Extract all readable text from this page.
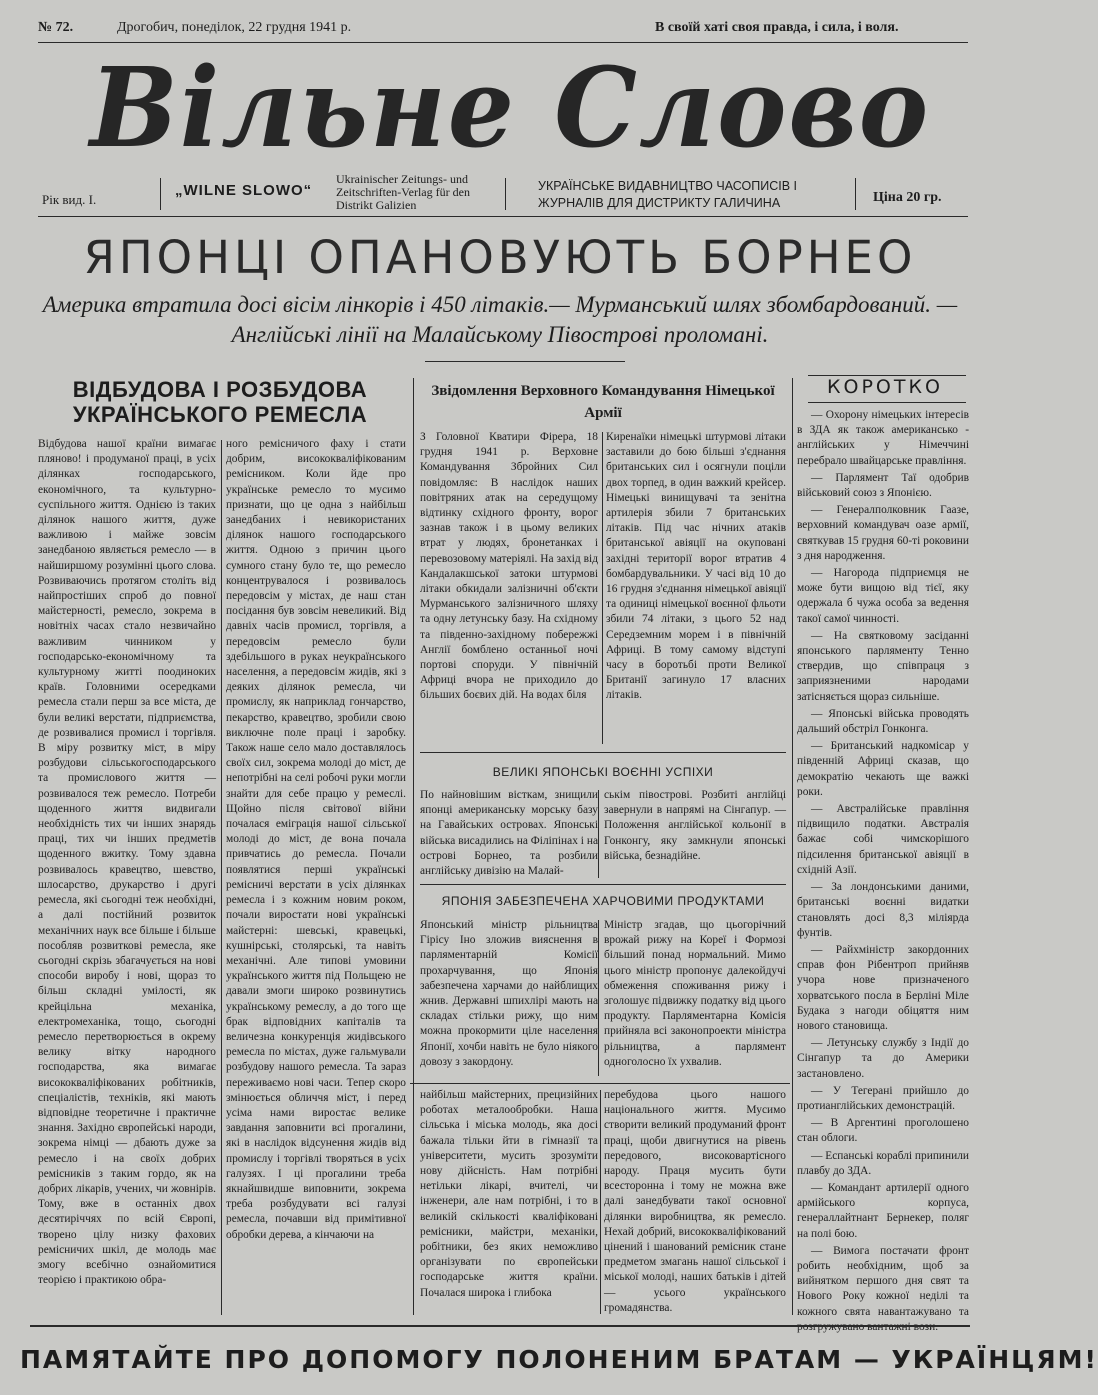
№ 72.	Дрогобич, понеділок, 22 грудня 1941 р.	В своїй хаті своя правда, і сила, і воля.
Вільне Слово
Рік вид. І.
„WILNE SLOWO“
Ukrainischer Zeitungs- und Zeitschriften-Verlag für den Distrikt Galizien
УКРАЇНСЬКЕ ВИДАВНИЦТВО ЧАСОПИСІВ І ЖУРНАЛІВ ДЛЯ ДИСТРИКТУ ГАЛИЧИНА	Ціна 20 гр.
ЯПОНЦІ ОПАНОВУЮТЬ БОРНЕО
Америка втратила досі вісім лінкорів і 450 літаків.— Мурманський шлях збомбардований. — Англійські лінії на Малайському Півострові проломані.
ВІДБУДОВА І РОЗБУДОВА УКРАЇНСЬКОГО РЕМЕСЛА
Відбудова нашої країни вимагає пляново! і продуманої праці, в усіх ділянках господарського, економічного, та культурно-суспільного життя. Однією із таких ділянок нашого життя, дуже важливою і майже зовсім занедбаною являється ремесло — в найширшому розумінні цього слова. Розвиваючись протягом століть від найпростіших спроб до повної майстерності, ремесло, зокрема в новітніх часах стало незвичайно важливим чинником у господарсько-економічному та культурному житті поодиноких країв. Головними осередками ремесла стали перш за все міста, де були великі верстати, підприємства, де розвивалися промисл і торгівля. В міру розвитку міст, в міру розбудови сільськогосподарського та промислового життя — розвивалося теж ремесло. Потреби щоденного життя видвигали необхідність тих чи інших знарядь праці, тих чи інших предметів щоденного вжитку. Тому здавна розвивалось кравецтво, шевство, шлосарство, друкарство і другі ремесла, які сьогодні теж необхідні, а далі постійний розвиток механічних наук все більше і більше пособляв розвиткові ремесла, яке сьогодні скрізь збагачується на нові способи виробу і нові, щораз то більш складні умілості, як крейцільна механіка, електромеханіка, тощо, сьогодні ремесло перетворюється в окрему велику вітку народного господарства, яка вимагає висококваліфікованих робітників, спеціалістів, техніків, які мають відповідне теоретичне і практичне знання. Західно європейські народи, зокрема німці — дбають дуже за ремесло і на своїх добрих ремісників з таким гордо, як на добрих лікарів, учених, чи жовнірів. Тому, вже в останніх двох десятиріччях по всій Європі, творено цілу низку фахових ремісничих шкіл, де молодь має змогу всебічно ознайомитися теорією і практикою обра-
ного ремісничого фаху і стати добрим, висококваліфікованим ремісником. Коли йде про українське ремесло то мусимо признати, що це одна з найбільш занедбаних і невикористаних ділянок нашого господарського життя. Одною з причин цього сумного стану було те, що ремесло концентрувалося і розвивалось передовсім у містах, де наш стан посідання був зовсім невеликий. Від давніх часів промисл, торгівля, а передовсім ремесло були здебільшого в руках неукраїнського населення, а передовсім жидів, які з деяких ділянок ремесла, чи промислу, як наприклад гончарство, пекарство, кравецтво, зробили свою виключне поле праці і заробку. Також наше село мало доставлялось своїх сил, зокрема молоді до міст, де непотрібні на селі робочі руки могли знайти для себе працю у ремеслі. Щойно після світової війни почалася еміграція нашої сільської молоді до міст, де вона почала привчатись до ремесла. Почали появлятися перші українські ремісничі верстати в усіх ділянках ремесла і з кожним новим роком, почали виростати нові українські майстерні: шевські, кравецькі, кушнірські, столярські, та навіть механічні. Але типові умовини українського життя під Польщею не давали змоги широко розвинутись українському ремеслу, а до того ще брак відповідних капіталів та величезна конкуренція жидівського ремесла по містах, дуже гальмували розбудову нашого ремесла. Та зараз переживаємо нові часи. Тепер скоро змінюється обличчя міст, і перед усіма нами виростає велике завдання заповнити всі прогалини, які в наслідок відсунення жидів від промислу і торгівлі творяться в усіх галузях. І ці прогалини треба якнайшвидше виповнити, зокрема треба розбудувати всі галузі ремесла, почавши від примітивної обробки дерева, а кінчаючи на
Звідомлення Верховного Командування Німецької Армії
З Головної Кватири Фірера, 18 грудня 1941 р. Верховне Командування Збройних Сил повідомляє: В наслідок наших повітряних атак на середущому відтинку східного фронту, ворог зазнав також і в цьому великих втрат у людях, бронетанках і перевозовому матеріялі. На захід від Кандалакшської затоки штурмові літаки обкидали залізничні об'єкти Мурманського залізничного шляху та одну летунську базу. На східному та південно-західному побережжі Англії бомблено останньої ночі портові споруди. У північній Африці вчора не приходило до більших боєвих дій. На водах біля
Киренаїки німецькі штурмові літаки заставили до бою більші з'єднання британських сил і осягнули поціли двох торпед, в один важкий крейсер. Німецькі винищувачі та зенітна артилерія збили 7 британських літаків. Під час нічних атаків британської авіяції на окуповані західні території ворог втратив 4 бомбардувальники. У часі від 10 до 16 грудня з'єднання німецької авіяції та одиниці німецької воєнної фльоти збили 74 літаки, з цього 52 над Середземним морем і в північній Африці. В тому самому відступі часу в боротьбі проти Великої Британії загинуло 17 власних літаків.
ВЕЛИКІ ЯПОНСЬКІ ВОЄННІ УСПІХИ
По найновішим вісткам, знищили японці американську морську базу на Гавайських островах. Японські війська висадились на Філіпінах і на острові Борнео, та розбили англійську дивізію на Малай-
ськім півострові. Розбиті англійці завернули в напрямі на Сінгапур. — Положення англійської кольонії в Гонконгу, яку замкнули японські війська, безнадійне.
ЯПОНІЯ ЗАБЕЗПЕЧЕНА ХАРЧОВИМИ ПРОДУКТАМИ
Японський міністр рільництва Гірісу Іно зложив вияснення в парляментарній Комісії прохарчування, що Японія забезпечена харчами до найблищих жнив. Державні шпихлірі мають на складах стільки рижу, що ним можна прокормити ціле населення Японії, хочби навіть не було ніякого довозу з закордону.
Міністр згадав, що цьогорічний врожай рижу на Кореї і Формозі більший понад нормальний. Мимо цього міністр пропонує далекойдучі обмеження споживання рижу і зголошує підвижку податку від цього продукту. Парляментарна Комісія прийняла всі законопроекти міністра рільництва, а парлямент одноголосно їх ухвалив.
найбільш майстерних, прецизійних роботах металообробки. Наша сільська і міська молодь, яка досі бажала тільки йти в гімназії та університети, мусить зрозуміти нову дійсність. Нам потрібні нетільки лікарі, вчителі, чи інженери, але нам потрібні, і то в великій скількості кваліфіковані ремісники, майстри, механіки, робітники, без яких неможливо організувати по європейськи господарське життя країни. Почалася широка і глибока
перебудова цього нашого національного життя. Мусимо створити великий продуманий фронт праці, щоби двигнутися на рівень передового, високовартісного народу. Праця мусить бути всесторонна і тому не можна вже далі занедбувати такої основної ділянки виробництва, як ремесло. Нехай добрий, висококваліфікований цінений і шанований ремісник стане предметом змагань нашої сільської і міської молоді, наших батьків і дітей — усього українського громадянства.
КОРОТКО

— Охорону німецьких інтересів в ЗДА як також американсько - англійських у Німеччині перебрало швайцарське правління.

— Парлямент Таї одобрив військовий союз з Японією.

— Генералполковник Гаазе, верховний командувач оазе армії, святкував 15 грудня 60-ті роковини з дня народження.

— Нагорода підприємця не може бути вищою від тієї, яку одержала б чужа особа за ведення такої самої чинності.

— На святковому засіданні японського парляменту Тенно ствердив, що співпраця з заприязненими народами затісняється щораз сильніше.

— Японські війська проводять дальший обстріл Гонконга.

— Британський надкомісар у південній Африці сказав, що демократію чекають ще важкі роки.

— Австралійське правління підвищило податки. Австралія бажає собі чимскорішого підсилення британської авіяції в східній Азії.

— За лондонськими даними, британські воєнні видатки становлять досі 8,3 міліярда фунтів.

— Райхміністр закордонних справ фон Рібентроп прийняв учора нове призначеного хорватського посла в Берліні Міле Будака з нагоди обіцяття ним нового становища.

— Летунську службу з Індії до Сінгапур та до Америки застановлено.

— У Тегерані прийшло до протианглійських демонстрацій.

— В Аргентині проголошено стан облоги.

— Еспанські кораблі припинили плавбу до ЗДА.

— Командант артилерії одного армійського корпуса, генераллайтнант Бернекер, поляг на полі бою.

— Вимога постачати фронт робить необхідним, щоб за вийнятком першого дня свят та Нового Року кожної неділі та кожного свята навантажувано та

ПАМЯТАЙТЕ ПРО ДОПОМОГУ ПОЛОНЕНИМ БРАТАМ — УКРАЇНЦЯМ!
